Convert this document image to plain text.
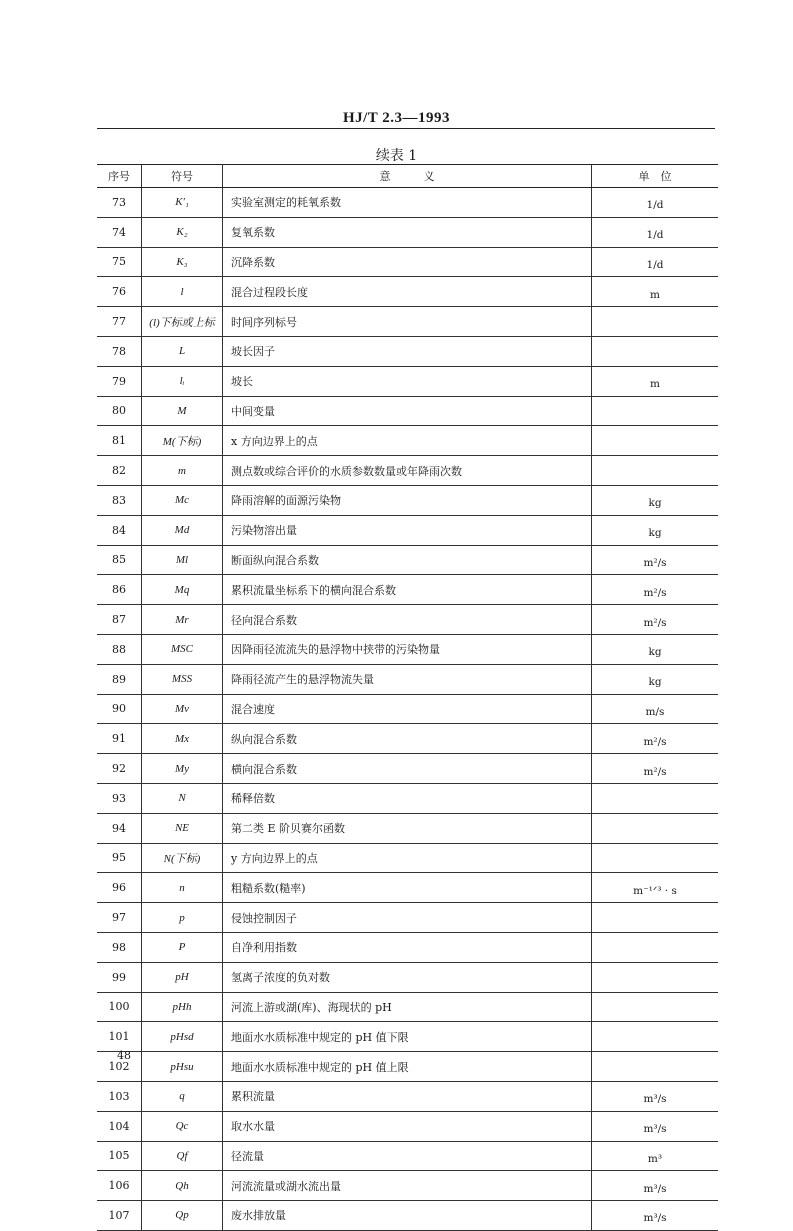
HJ/T 2.3—1993
续表 1
序号	符号	意　　　义	单　位
73	K′₁	实验室测定的耗氧系数	1/d
74	K₂	复氧系数	1/d
75	K₃	沉降系数	1/d
76	l	混合过程段长度	m
77	(l)下标或上标	时间序列标号	
78	L	坡长因子	
79	lᵢ	坡长	m
80	M	中间变量	
81	M(下标)	x 方向边界上的点	
82	m	测点数或综合评价的水质参数数量或年降雨次数	
83	Mc	降雨溶解的面源污染物	kg
84	Md	污染物溶出量	kg
85	Ml	断面纵向混合系数	m²/s
86	Mq	累积流量坐标系下的横向混合系数	m²/s
87	Mr	径向混合系数	m²/s
88	MSC	因降雨径流流失的悬浮物中挟带的污染物量	kg
89	MSS	降雨径流产生的悬浮物流失量	kg
90	Mv	混合速度	m/s
91	Mx	纵向混合系数	m²/s
92	My	横向混合系数	m²/s
93	N	稀释倍数	
94	NE	第二类 E 阶贝赛尔函数	
95	N(下标)	y 方向边界上的点	
96	n	粗糙系数(糙率)	m⁻¹ᐟ³ · s
97	p	侵蚀控制因子	
98	P	自净利用指数	
99	pH	氢离子浓度的负对数	
100	pHh	河流上游或湖(库)、海现状的 pH	
101	pHsd	地面水水质标准中规定的 pH 值下限	
102	pHsu	地面水水质标准中规定的 pH 值上限	
103	q	累积流量	m³/s
104	Qc	取水水量	m³/s
105	Qf	径流量	m³
106	Qh	河流流量或湖水流出量	m³/s
107	Qp	废水排放量	m³/s
48
